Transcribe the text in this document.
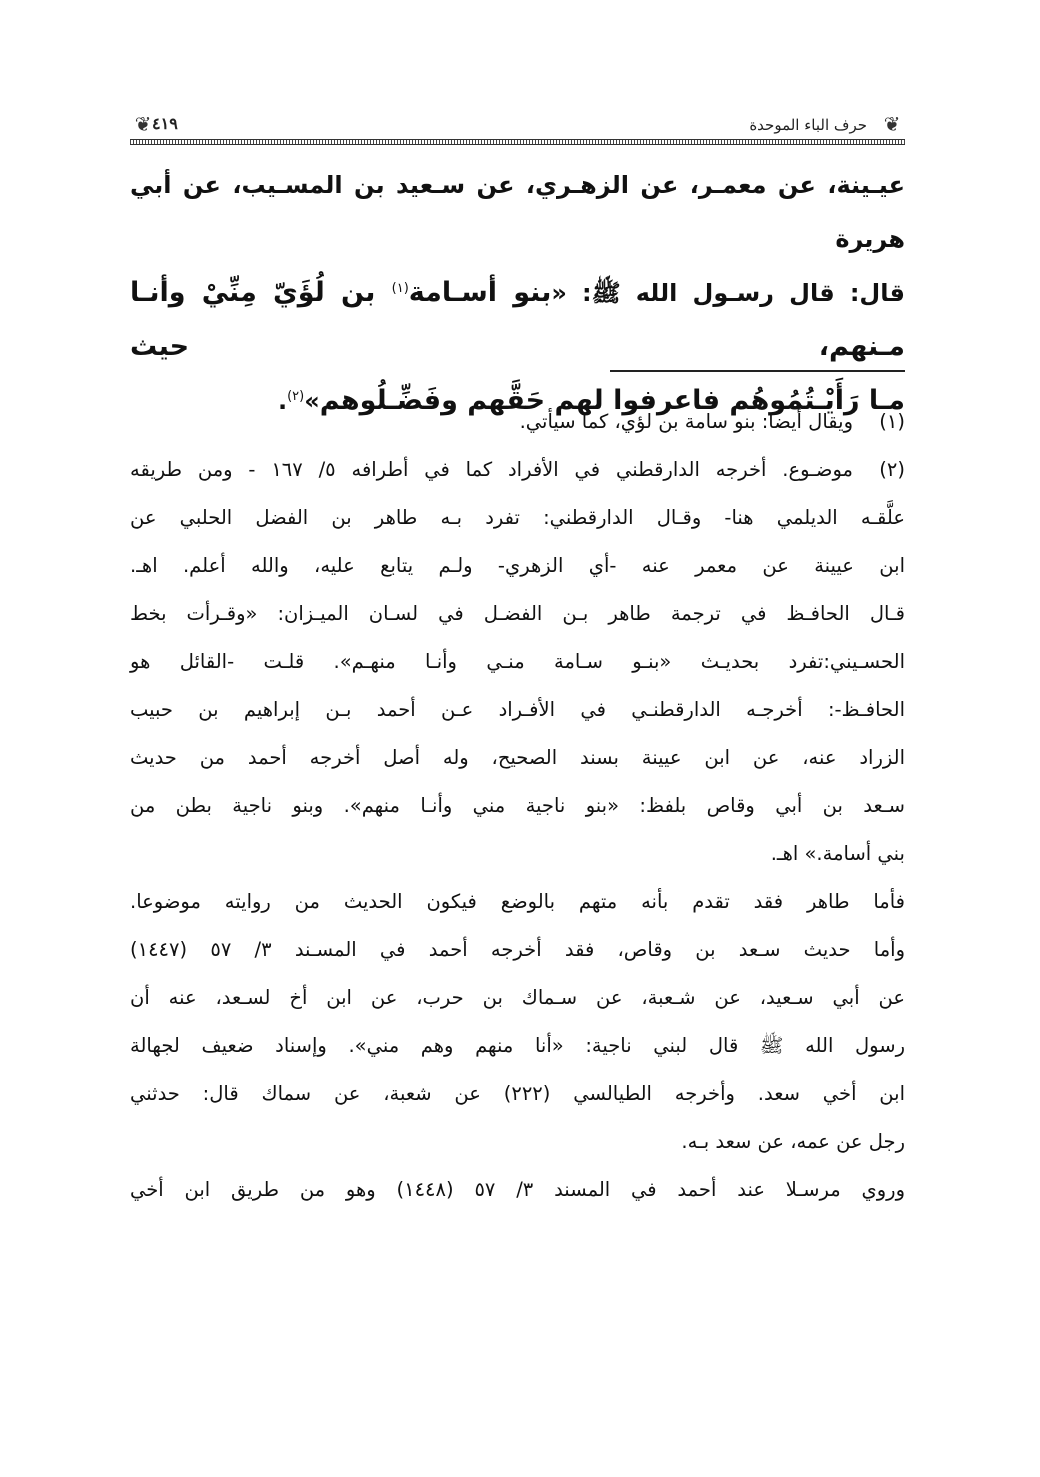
❦
حرف الباء الموحدة
٤١٩
❦

عيـينة، عن معمـر، عن الزهـري، عن سـعيد بن المسـيب، عن أبي هريرة

قال: قال رسـول الله ﷺ: «بنو أسـامة$^{(١)}$ بن لُؤَيّ مِنِّيْ وأنـا مـنهم، حيث

مـا رَأَيْـتُمُوهُم فاعرفوا لهم حَقَّهم وفَضِّـلُوهم»$^{(٢)}$.

(١)

ويقال أيضا: بنو سامة بن لؤي، كما سيأتي.

(٢)

موضـوع. أخرجه الدارقطني في الأفراد كما في أطرافه ٥/ ١٦٧ - ومن طريقه

علَّقـه الديلمي هنا- وقـال الدارقطني: تفرد بـه طاهر بن الفضل الحلبي عن

ابن عيينة عن معمر عنه -أي الزهري- ولـم يتابع عليه، والله أعلم. اهـ.

قـال الحافـظ في ترجمة طاهر بـن الفضـل في لسـان الميـزان: «وقـرأت بخط

الحسـيني:تفرد بحديـث «بنـو سـامة منـي وأنـا منهـم». قلـت -القائل هو

الحافـظ-: أخرجـه الدارقطنـي في الأفـراد عـن أحمد بـن إبراهيم بن حبيب

الزراد عنه، عن ابن عيينة بسند الصحيح، وله أصل أخرجه أحمد من حديث

سـعد بن أبي وقاص بلفظ: «بنو ناجية مني وأنـا منهم». وبنو ناجية بطن من

بني أسامة.» اهـ.

فأما طاهر فقد تقدم بأنه متهم بالوضع فيكون الحديث من روايته موضوعا.

وأما حديث سـعد بن وقاص، فقد أخرجه أحمد في المسـند ٣/ ٥٧ (١٤٤٧)

عن أبي سـعيد، عن شـعبة، عن سـماك بن حرب، عن ابن أخ لسـعد، عنه أن

رسول الله ﷺ قال لبني ناجية: «أنا منهم وهم مني». وإسناد ضعيف لجهالة

ابن أخي سعد. وأخرجه الطيالسي (٢٢٢) عن شعبة، عن سماك قال: حدثني

رجل عن عمه، عن سعد بـه.

وروي مرسـلا عند أحمد في المسند ٣/ ٥٧ (١٤٤٨) وهو من طريق ابن أخي
